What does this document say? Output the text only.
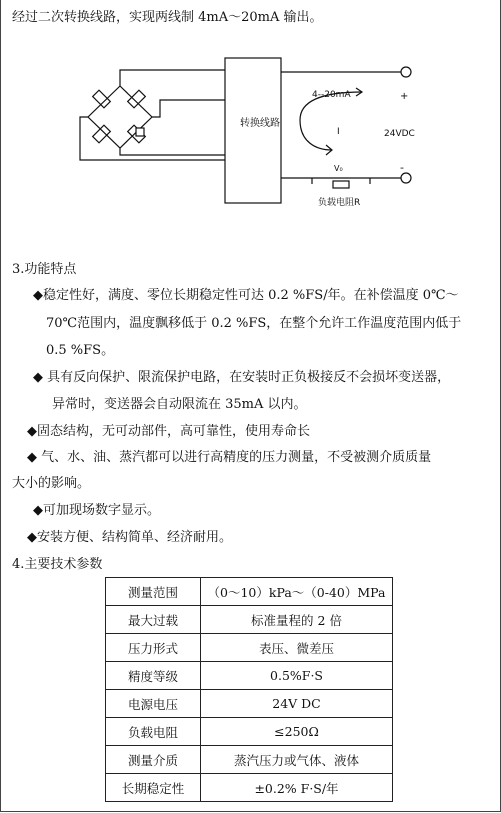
经过二次转换线路，实现两线制 4mA～20mA 输出。
转换线路
4--20mA	+
-
I	24VDC
V₀
负载电阻R
3.功能特点
◆稳定性好，满度、零位长期稳定性可达 0.2 %FS/年。在补偿温度 0℃～
70℃范围内，温度飘移低于 0.2 %FS，在整个允许工作温度范围内低于
0.5 %FS。
◆ 具有反向保护、限流保护电路，在安装时正负极接反不会损坏变送器，
异常时，变送器会自动限流在 35mA 以内。
◆固态结构，无可动部件，高可靠性，使用寿命长
◆ 气、水、油、蒸汽都可以进行高精度的压力测量，不受被测介质质量
大小的影响。
◆可加现场数字显示。
◆安装方便、结构简单、经济耐用。
4.主要技术参数
测量范围	（0～10）kPa～（0-40）MPa
最大过载	标准量程的 2 倍
压力形式	表压、微差压
精度等级	0.5%F·S
电源电压	24V DC
负载电阻	≤250Ω
测量介质	蒸汽压力或气体、液体
长期稳定性	±0.2% F·S/年
